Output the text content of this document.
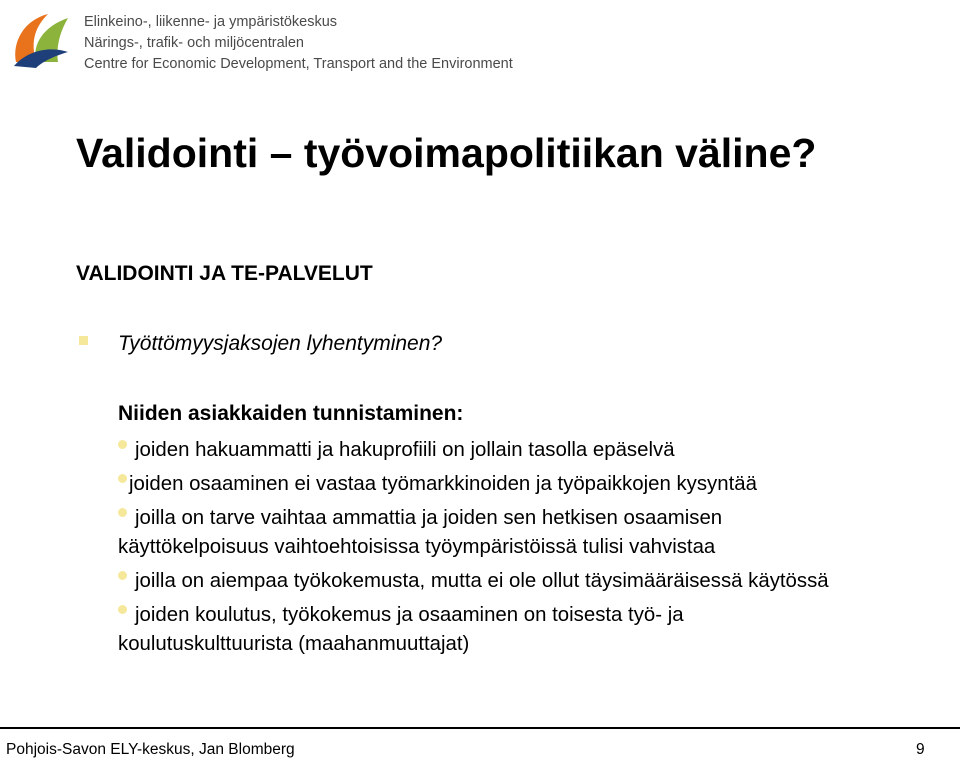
Elinkeino-, liikenne- ja ympäristökeskus
Närings-, trafik- och miljöcentralen
Centre for Economic Development, Transport and the Environment
Validointi – työvoimapolitiikan väline?
VALIDOINTI JA TE-PALVELUT
Työttömyysjaksojen lyhentyminen?
Niiden asiakkaiden tunnistaminen:
joiden hakuammatti ja hakuprofiili on jollain tasolla epäselvä
joiden osaaminen ei vastaa työmarkkinoiden ja työpaikkojen kysyntää
joilla on tarve vaihtaa ammattia ja joiden sen hetkisen osaamisen
käyttökelpoisuus vaihtoehtoisissa työympäristöissä tulisi vahvistaa
joilla on aiempaa työkokemusta, mutta ei ole ollut täysimääräisessä käytössä
joiden koulutus, työkokemus ja osaaminen on toisesta työ- ja
koulutuskulttuurista (maahanmuuttajat)
Pohjois-Savon ELY-keskus, Jan Blomberg	9
